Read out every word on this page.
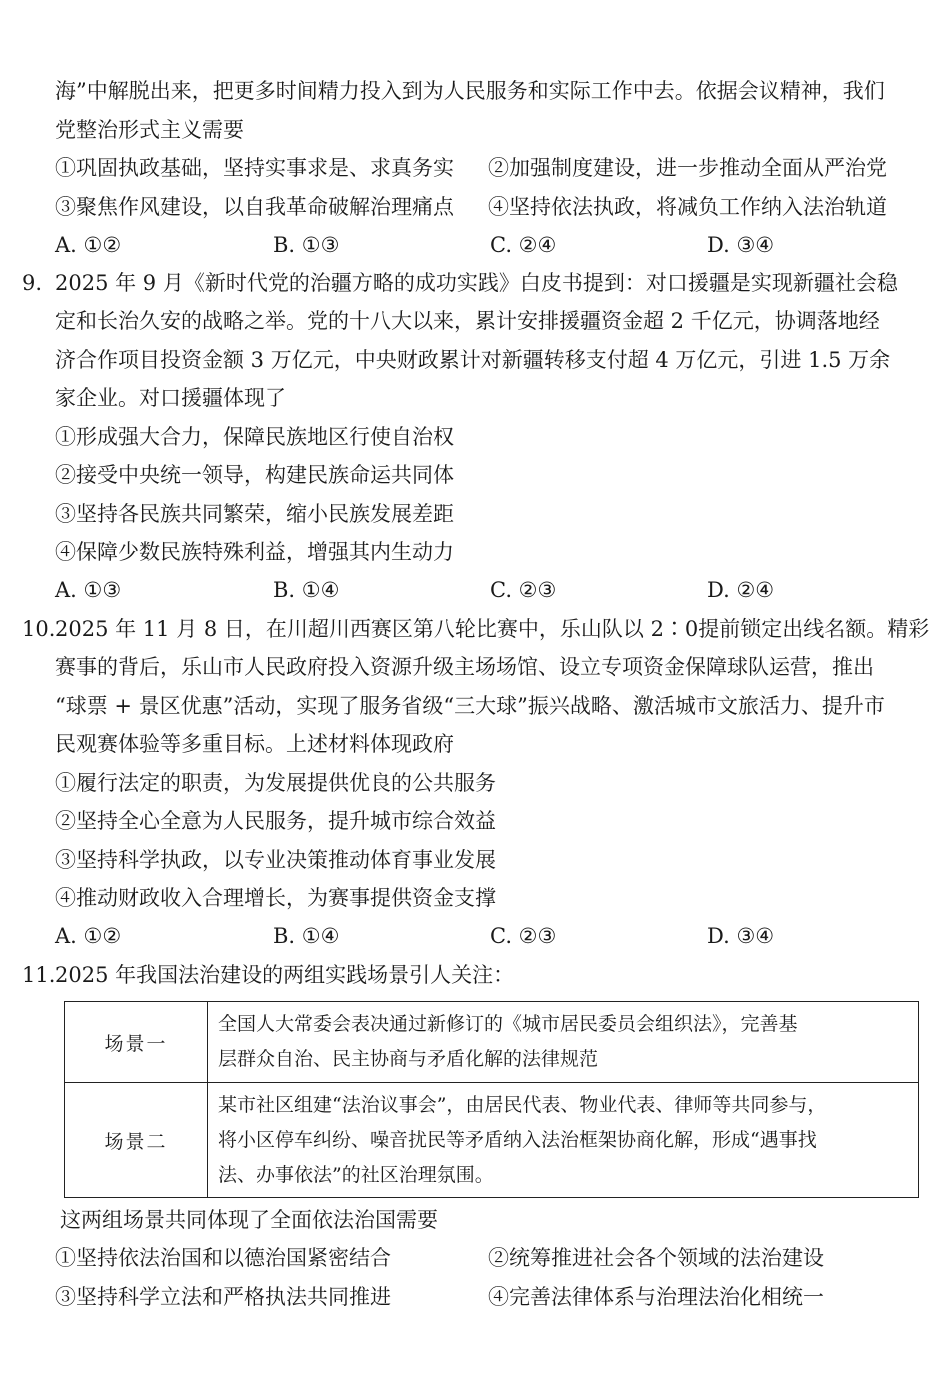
海”中解脱出来，把更多时间精力投入到为人民服务和实际工作中去。依据会议精神，我们
党整治形式主义需要
①巩固执政基础，坚持实事求是、求真务实 ②加强制度建设，进一步推动全面从严治党
③聚焦作风建设，以自我革命破解治理痛点 ④坚持依法执政，将减负工作纳入法治轨道
A. ①②	B. ①③	C. ②④	D. ③④
9. 2025 年 9 月《新时代党的治疆方略的成功实践》白皮书提到：对口援疆是实现新疆社会稳
定和长治久安的战略之举。党的十八大以来，累计安排援疆资金超 2 千亿元，协调落地经
济合作项目投资金额 3 万亿元，中央财政累计对新疆转移支付超 4 万亿元，引进 1.5 万余
家企业。对口援疆体现了
①形成强大合力，保障民族地区行使自治权
②接受中央统一领导，构建民族命运共同体
③坚持各民族共同繁荣，缩小民族发展差距
④保障少数民族特殊利益，增强其内生动力
A. ①③	B. ①④	C. ②③	D. ②④
10. 2025 年 11 月 8 日，在川超川西赛区第八轮比赛中，乐山队以 2∶0提前锁定出线名额。精彩
赛事的背后，乐山市人民政府投入资源升级主场场馆、设立专项资金保障球队运营，推出
“球票 + 景区优惠”活动，实现了服务省级“三大球”振兴战略、激活城市文旅活力、提升市
民观赛体验等多重目标。上述材料体现政府
①履行法定的职责，为发展提供优良的公共服务
②坚持全心全意为人民服务，提升城市综合效益
③坚持科学执政，以专业决策推动体育事业发展
④推动财政收入合理增长，为赛事提供资金支撑
A. ①②	B. ①④	C. ②③	D. ③④
11. 2025 年我国法治建设的两组实践场景引人关注：
场景一	全国人大常委会表决通过新修订的《城市居民委员会组织法》，完善基
层群众自治、民主协商与矛盾化解的法律规范

场景二	某市社区组建“法治议事会”，由居民代表、物业代表、律师等共同参与，
将小区停车纠纷、噪音扰民等矛盾纳入法治框架协商化解，形成“遇事找
法、办事依法”的社区治理氛围。
这两组场景共同体现了全面依法治国需要
①坚持依法治国和以德治国紧密结合	②统筹推进社会各个领域的法治建设
③坚持科学立法和严格执法共同推进	④完善法律体系与治理法治化相统一
